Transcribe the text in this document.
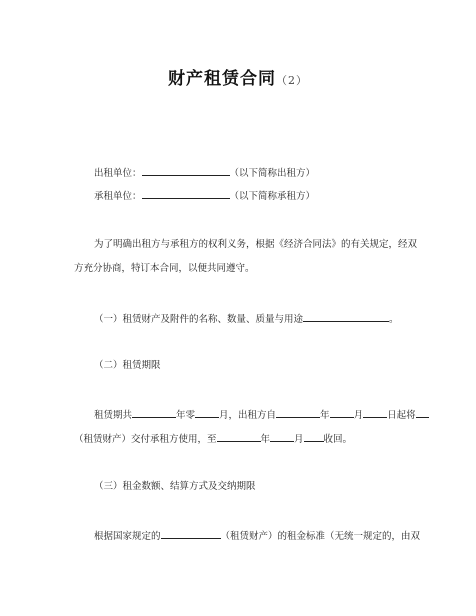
财产租赁合同（2）
出租单位：	（以下简称出租方）
承租单位：	（以下简称承租方）
为了明确出租方与承租方的权利义务，根据《经济合同法》的有关规定，经双
方充分协商，特订本合同，以便共同遵守。
（一）租赁财产及附件的名称、数量、质量与用途	。
（二）租赁期限
租赁期共	年零	月，出租方自	年	月	日起将
（租赁财产）交付承租方使用，至	年	月 收回。
（三）租金数额、结算方式及交纳期限
根据国家规定的	（租赁财产）的租金标准（无统一规定的，由双
